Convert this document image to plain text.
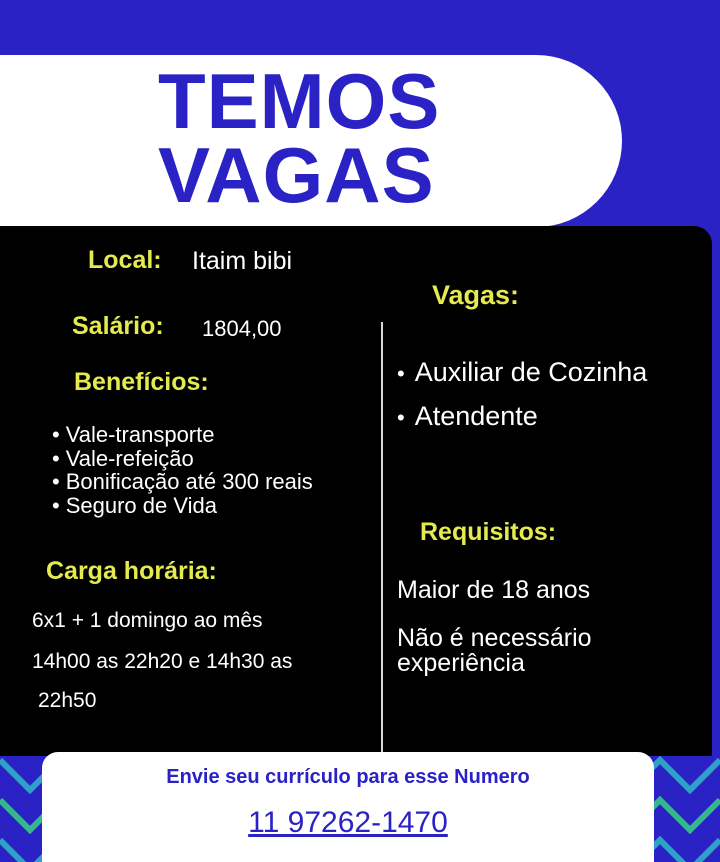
TEMOS
VAGAS
Local: Itaim bibi
Salário: 1804,00
Benefícios:
• Vale-transporte
• Vale-refeição
• Bonificação até 300 reais
• Seguro de Vida
Carga horária:
6x1 + 1 domingo ao mês
14h00 as 22h20 e 14h30 as
22h50
Vagas:
• Auxiliar de Cozinha
• Atendente
Requisitos:
Maior de 18 anos
Não é necessário
experiência
Envie seu currículo para esse Numero
11 97262-1470
